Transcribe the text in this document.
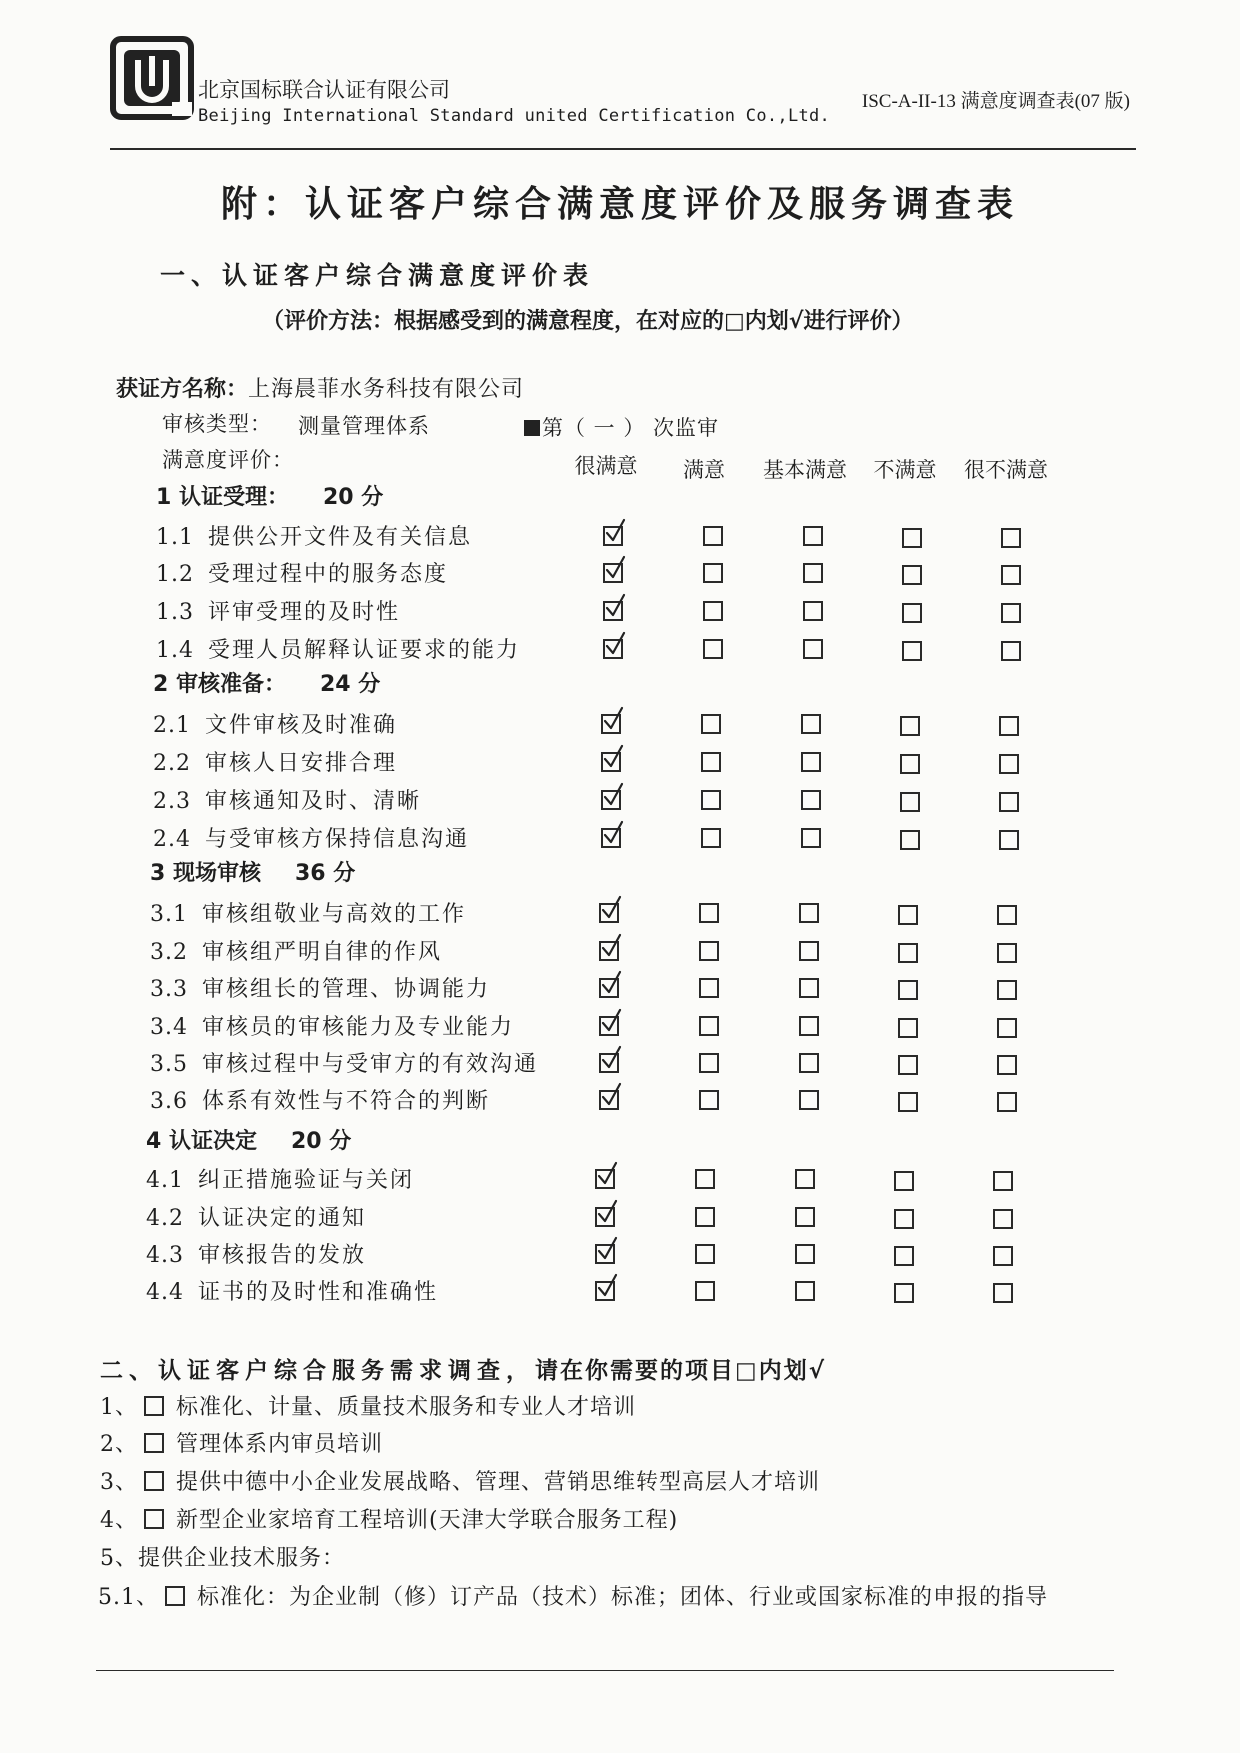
北京国标联合认证有限公司
Beijing International Standard united Certification Co.,Ltd.
ISC-A-II-13 满意度调查表(07 版)
附：认证客户综合满意度评价及服务调查表
一、认证客户综合满意度评价表
（评价方法：根据感受到的满意程度，在对应的□内划√进行评价）
获证方名称：上海晨菲水务科技有限公司
审核类型： 测量管理体系	第（ 一 ） 次监审
满意度评价：	很满意 满意 基本满意 不满意 很不满意
1 认证受理： 20 分
1.1 提供公开文件及有关信息
1.2 受理过程中的服务态度
1.3 评审受理的及时性
1.4 受理人员解释认证要求的能力
2 审核准备： 24 分
2.1 文件审核及时准确
2.2 审核人日安排合理
2.3 审核通知及时、清晰
2.4 与受审核方保持信息沟通
3 现场审核 36 分
3.1 审核组敬业与高效的工作
3.2 审核组严明自律的作风
3.3 审核组长的管理、协调能力
3.4 审核员的审核能力及专业能力
3.5 审核过程中与受审方的有效沟通
3.6 体系有效性与不符合的判断
4 认证决定 20 分
4.1 纠正措施验证与关闭
4.2 认证决定的通知
4.3 审核报告的发放
4.4 证书的及时性和准确性
二、认证客户综合服务需求调查，请在你需要的项目□内划√
1、 标准化、计量、质量技术服务和专业人才培训
2、 管理体系内审员培训
3、 提供中德中小企业发展战略、管理、营销思维转型高层人才培训
4、 新型企业家培育工程培训(天津大学联合服务工程)
5、提供企业技术服务：
5.1、 标准化：为企业制（修）订产品（技术）标准；团体、行业或国家标准的申报的指导
